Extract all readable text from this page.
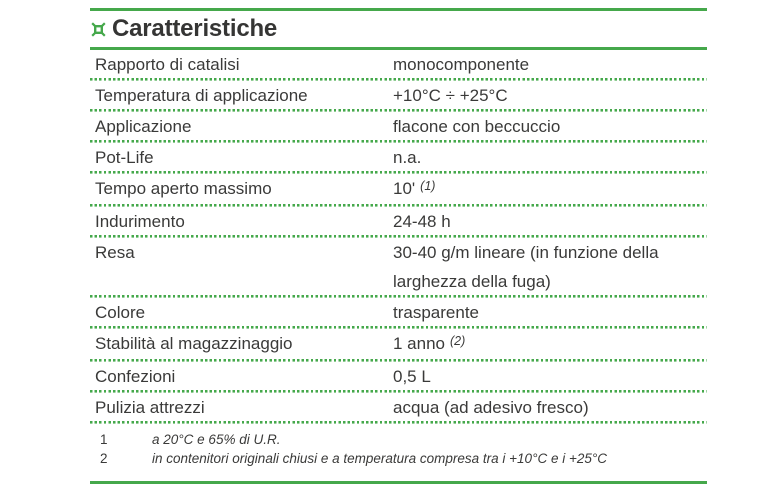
Caratteristiche
Rapporto di catalisi	monocomponente
Temperatura di applicazione	+10°C ÷ +25°C
Applicazione	flacone con beccuccio
Pot-Life	n.a.
Tempo aperto massimo	10' $^{(1)}$
Indurimento	24-48 h
Resa	30-40 g/m lineare (in funzione della larghezza della fuga)
Colore	trasparente
Stabilità al magazzinaggio	1 anno $^{(2)}$
Confezioni	0,5 L
Pulizia attrezzi	acqua (ad adesivo fresco)
1	a 20°C e 65% di U.R.
2	in contenitori originali chiusi e a temperatura compresa tra i +10°C e i +25°C
